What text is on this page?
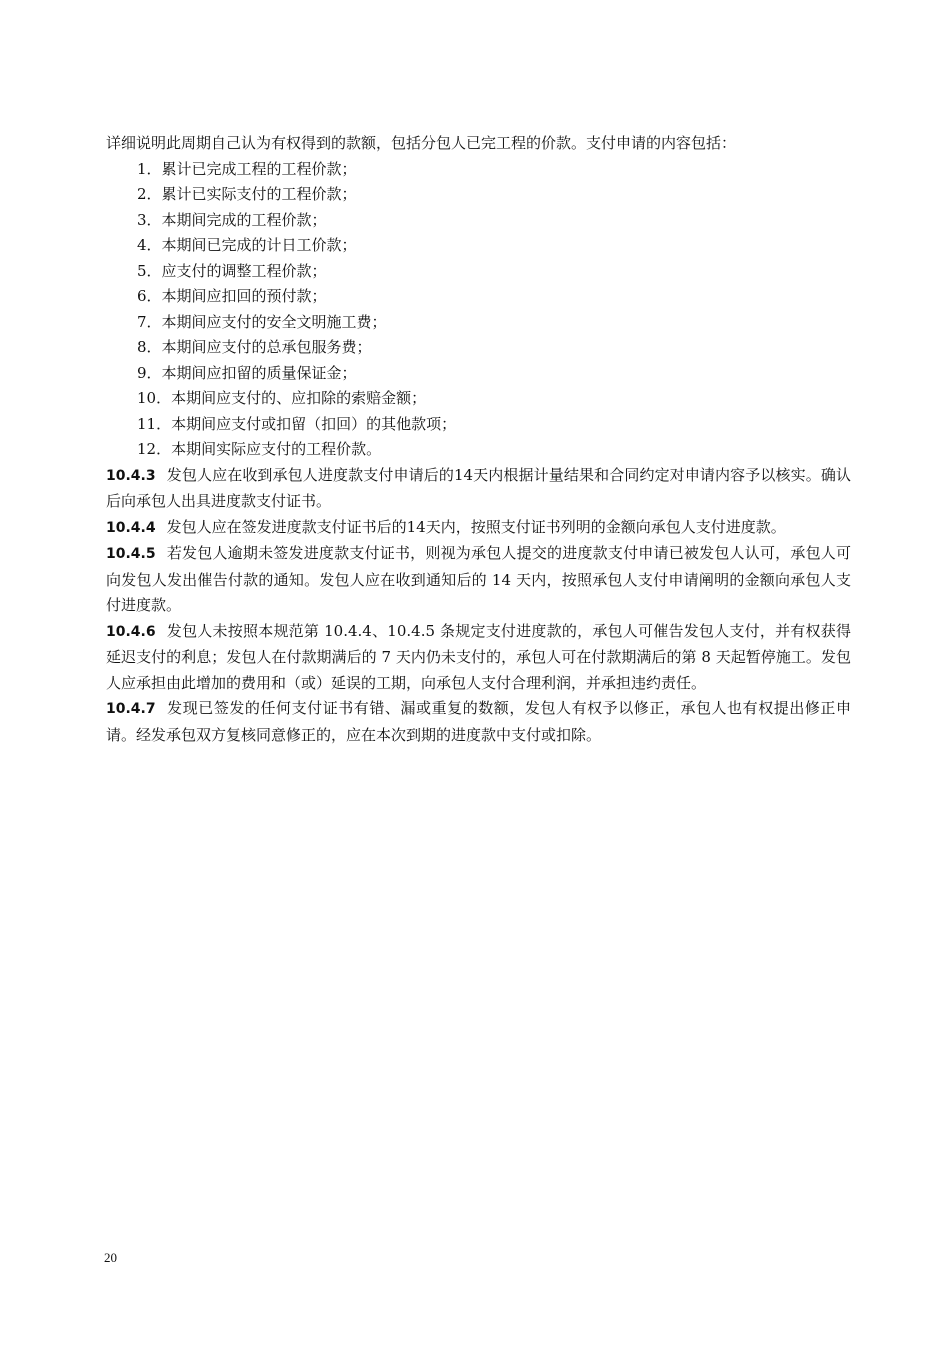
详细说明此周期自己认为有权得到的款额，包括分包人已完工程的价款。支付申请的内容包括：

1．累计已完成工程的工程价款；
2．累计已实际支付的工程价款；
3．本期间完成的工程价款；
4．本期间已完成的计日工价款；
5．应支付的调整工程价款；
6．本期间应扣回的预付款；
7．本期间应支付的安全文明施工费；
8．本期间应支付的总承包服务费；
9．本期间应扣留的质量保证金；
10．本期间应支付的、应扣除的索赔金额；
11．本期间应支付或扣留（扣回）的其他款项；
12．本期间实际应支付的工程价款。

10.4.3 发包人应在收到承包人进度款支付申请后的14天内根据计量结果和合同约定对申请内容予以核实。确认后向承包人出具进度款支付证书。

10.4.4 发包人应在签发进度款支付证书后的14天内，按照支付证书列明的金额向承包人支付进度款。

10.4.5 若发包人逾期未签发进度款支付证书，则视为承包人提交的进度款支付申请已被发包人认可，承包人可向发包人发出催告付款的通知。发包人应在收到通知后的 14 天内，按照承包人支付申请阐明的金额向承包人支付进度款。

10.4.6 发包人未按照本规范第 10.4.4、10.4.5 条规定支付进度款的，承包人可催告发包人支付，并有权获得延迟支付的利息；发包人在付款期满后的 7 天内仍未支付的，承包人可在付款期满后的第 8 天起暂停施工。发包人应承担由此增加的费用和（或）延误的工期，向承包人支付合理利润，并承担违约责任。

10.4.7 发现已签发的任何支付证书有错、漏或重复的数额，发包人有权予以修正，承包人也有权提出修正申请。经发承包双方复核同意修正的，应在本次到期的进度款中支付或扣除。

20
